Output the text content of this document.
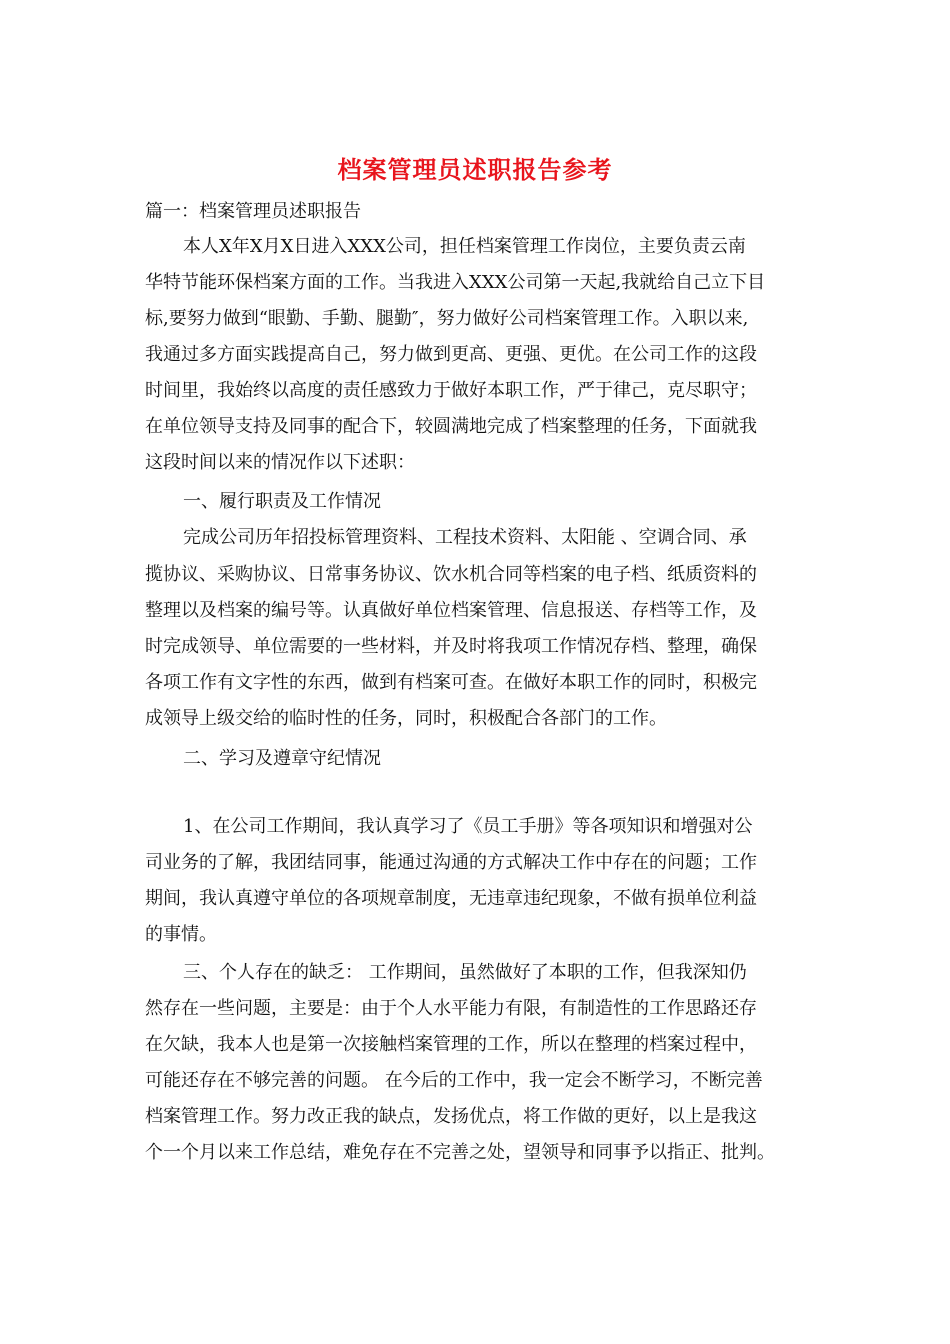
档案管理员述职报告参考
篇一：档案管理员述职报告
本人X年X月X日进入XXX公司，担任档案管理工作岗位，主要负责云南
华特节能环保档案方面的工作。当我进入XXX公司第一天起,我就给自己立下目
标,要努力做到“眼勤、手勤、腿勤″，努力做好公司档案管理工作。入职以来,
我通过多方面实践提高自己，努力做到更高、更强、更优。在公司工作的这段
时间里，我始终以高度的责任感致力于做好本职工作，严于律己，克尽职守；
在单位领导支持及同事的配合下，较圆满地完成了档案整理的任务，下面就我
这段时间以来的情况作以下述职：
一、履行职责及工作情况
完成公司历年招投标管理资料、工程技术资料、太阳能 、空调合同、承
揽协议、采购协议、日常事务协议、饮水机合同等档案的电子档、纸质资料的
整理以及档案的编号等。认真做好单位档案管理、信息报送、存档等工作，及
时完成领导、单位需要的一些材料，并及时将我项工作情况存档、整理，确保
各项工作有文字性的东西，做到有档案可查。在做好本职工作的同时，积极完
成领导上级交给的临时性的任务，同时，积极配合各部门的工作。
二、学习及遵章守纪情况
1、在公司工作期间，我认真学习了《员工手册》等各项知识和增强对公
司业务的了解，我团结同事，能通过沟通的方式解决工作中存在的问题；工作
期间，我认真遵守单位的各项规章制度，无违章违纪现象，不做有损单位利益
的事情。
三、个人存在的缺乏： 工作期间，虽然做好了本职的工作，但我深知仍
然存在一些问题，主要是：由于个人水平能力有限，有制造性的工作思路还存
在欠缺，我本人也是第一次接触档案管理的工作，所以在整理的档案过程中，
可能还存在不够完善的问题。 在今后的工作中，我一定会不断学习，不断完善
档案管理工作。努力改正我的缺点，发扬优点，将工作做的更好，以上是我这
个一个月以来工作总结，难免存在不完善之处，望领导和同事予以指正、批判。
